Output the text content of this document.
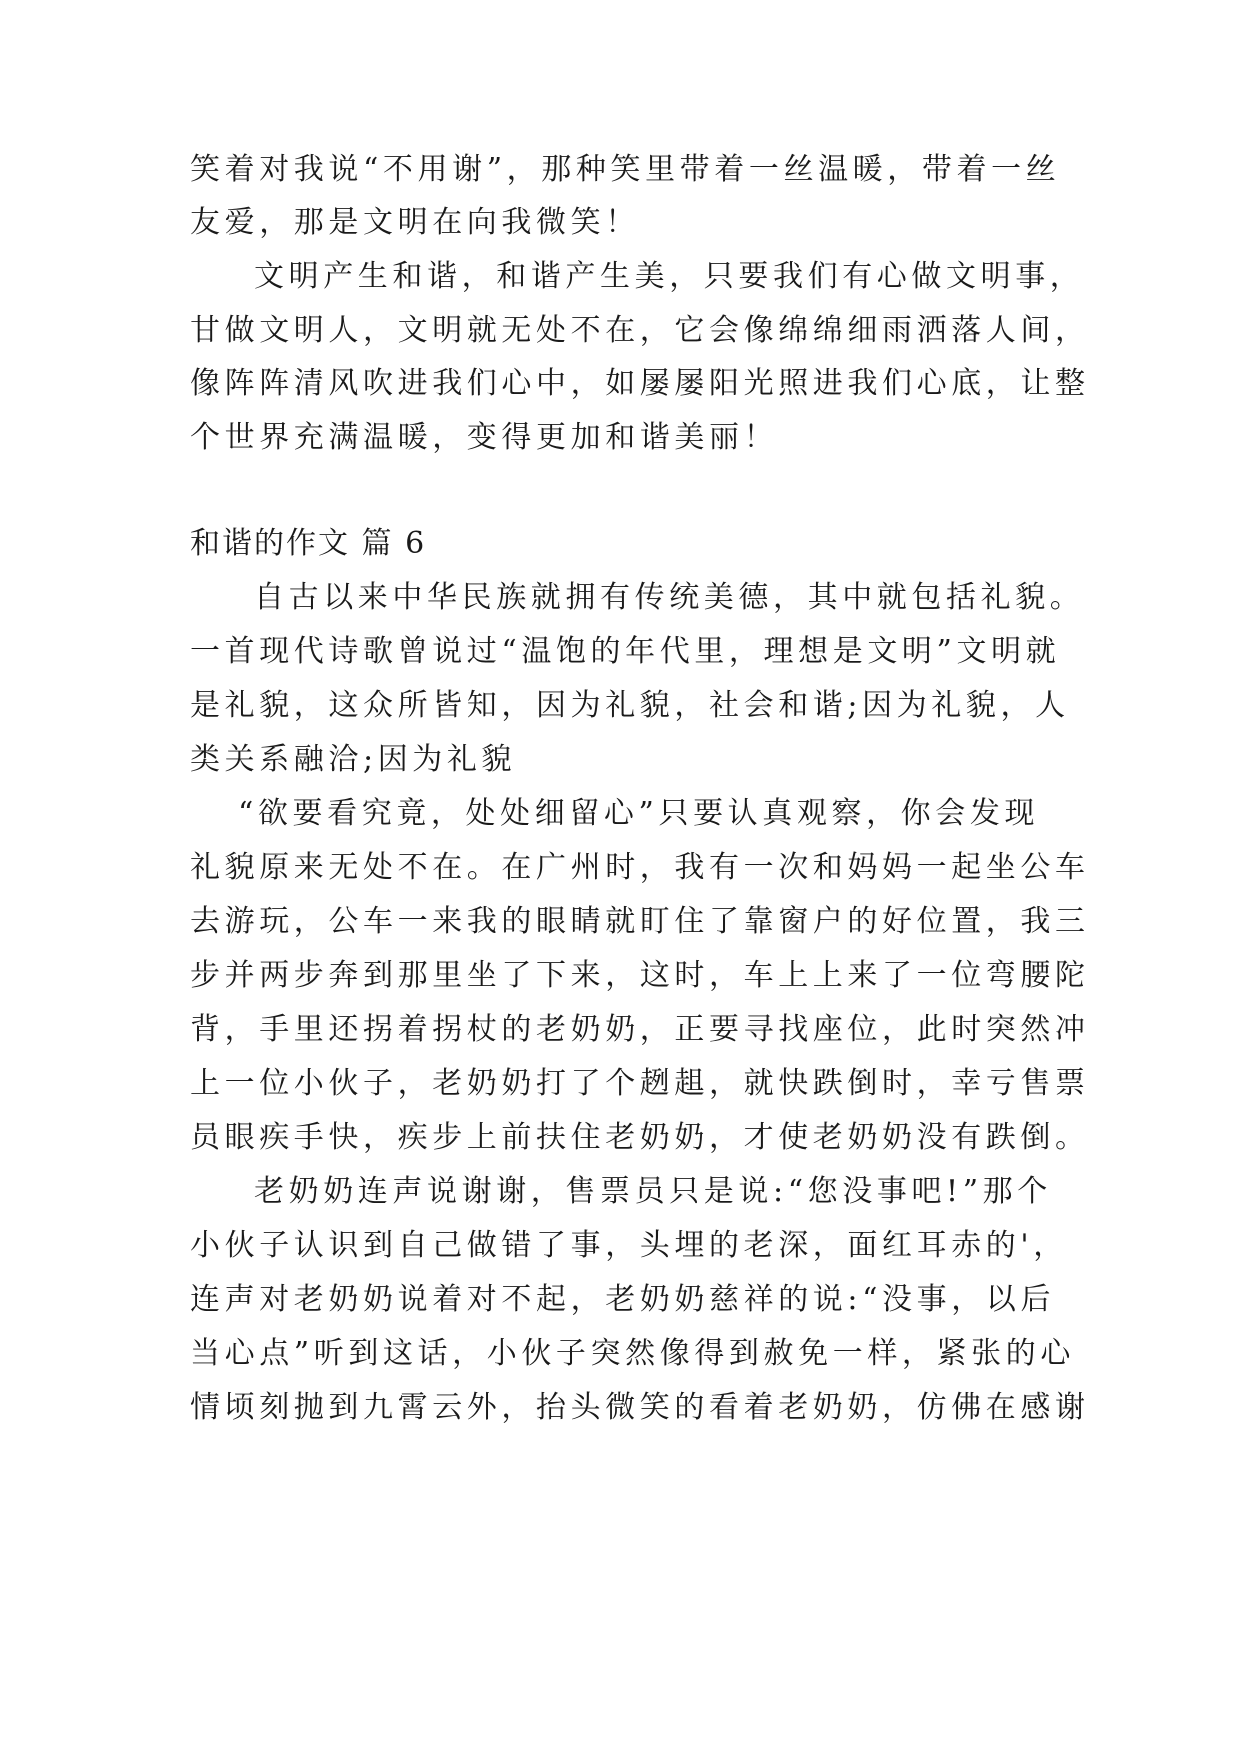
笑着对我说“不用谢”，那种笑里带着一丝温暖，带着一丝
友爱，那是文明在向我微笑！
文明产生和谐，和谐产生美，只要我们有心做文明事，
甘做文明人，文明就无处不在，它会像绵绵细雨洒落人间，
像阵阵清风吹进我们心中，如屡屡阳光照进我们心底，让整
个世界充满温暖，变得更加和谐美丽！
和谐的作文 篇 6
自古以来中华民族就拥有传统美德，其中就包括礼貌。
一首现代诗歌曾说过“温饱的年代里，理想是文明”文明就
是礼貌，这众所皆知，因为礼貌，社会和谐;因为礼貌，人
类关系融洽;因为礼貌
“欲要看究竟，处处细留心”只要认真观察，你会发现
礼貌原来无处不在。在广州时，我有一次和妈妈一起坐公车
去游玩，公车一来我的眼睛就盯住了靠窗户的好位置，我三
步并两步奔到那里坐了下来，这时，车上上来了一位弯腰陀
背，手里还拐着拐杖的老奶奶，正要寻找座位，此时突然冲
上一位小伙子，老奶奶打了个趔趄，就快跌倒时，幸亏售票
员眼疾手快，疾步上前扶住老奶奶，才使老奶奶没有跌倒。
老奶奶连声说谢谢，售票员只是说:“您没事吧!”那个
小伙子认识到自己做错了事，头埋的老深，面红耳赤的'，
连声对老奶奶说着对不起，老奶奶慈祥的说:“没事，以后
当心点”听到这话，小伙子突然像得到赦免一样，紧张的心
情顷刻抛到九霄云外，抬头微笑的看着老奶奶，仿佛在感谢
